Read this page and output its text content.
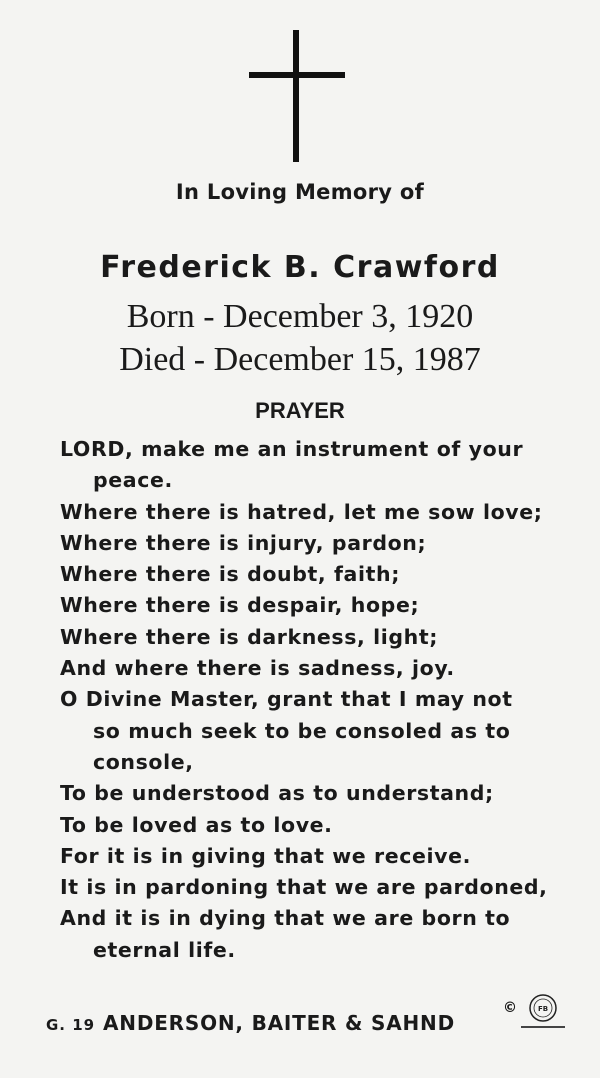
In Loving Memory of
Frederick B. Crawford
Born - December 3, 1920
Died - December 15, 1987
PRAYER
LORD, make me an instrument of your
peace.
Where there is hatred, let me sow love;
Where there is injury, pardon;
Where there is doubt, faith;
Where there is despair, hope;
Where there is darkness, light;
And where there is sadness, joy.
O Divine Master, grant that I may not
so much seek to be consoled as to
console,
To be understood as to understand;
To be loved as to love.
For it is in giving that we receive.
It is in pardoning that we are pardoned,
And it is in dying that we are born to
eternal life.
G. 19 ANDERSON, BAITER & SAHND
©	FB
